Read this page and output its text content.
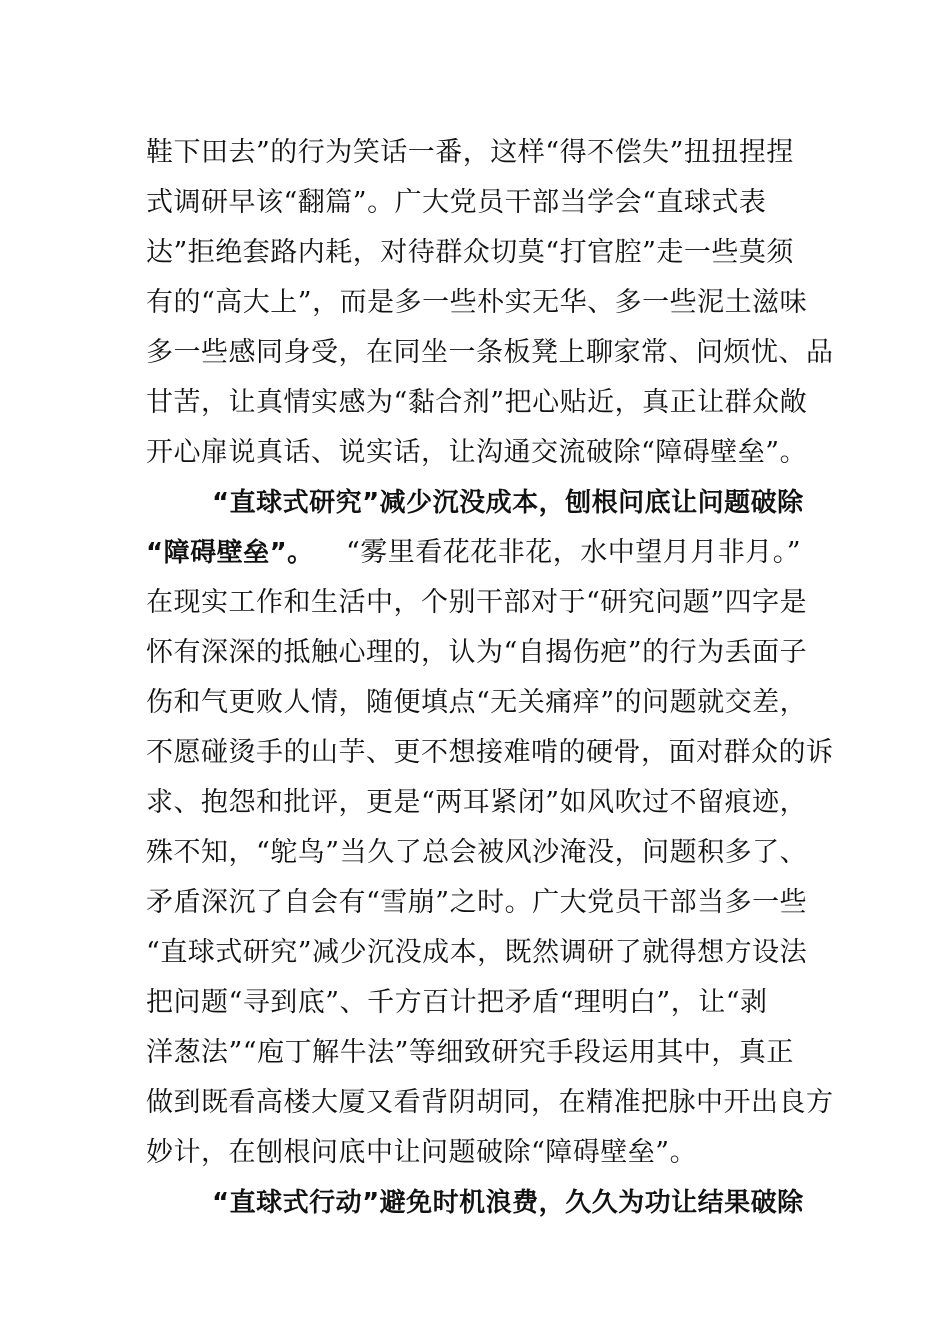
鞋下田去”的行为笑话一番，这样“得不偿失”扭扭捏捏
式调研早该“翻篇”。广大党员干部当学会“直球式表
达”拒绝套路内耗，对待群众切莫“打官腔”走一些莫须
有的“高大上”，而是多一些朴实无华、多一些泥土滋味
多一些感同身受，在同坐一条板凳上聊家常、问烦忧、品
甘苦，让真情实感为“黏合剂”把心贴近，真正让群众敞
开心扉说真话、说实话，让沟通交流破除“障碍壁垒”。
“直球式研究”减少沉没成本，刨根问底让问题破除
“障碍壁垒”。 “雾里看花花非花，水中望月月非月。”
在现实工作和生活中，个别干部对于“研究问题”四字是
怀有深深的抵触心理的，认为“自揭伤疤”的行为丢面子
伤和气更败人情，随便填点“无关痛痒”的问题就交差，
不愿碰烫手的山芋、更不想接难啃的硬骨，面对群众的诉
求、抱怨和批评，更是“两耳紧闭”如风吹过不留痕迹，
殊不知，“鸵鸟”当久了总会被风沙淹没，问题积多了、
矛盾深沉了自会有“雪崩”之时。广大党员干部当多一些
“直球式研究”减少沉没成本，既然调研了就得想方设法
把问题“寻到底”、千方百计把矛盾“理明白”，让“剥
洋葱法”“庖丁解牛法”等细致研究手段运用其中，真正
做到既看高楼大厦又看背阴胡同，在精准把脉中开出良方
妙计，在刨根问底中让问题破除“障碍壁垒”。
“直球式行动”避免时机浪费，久久为功让结果破除
